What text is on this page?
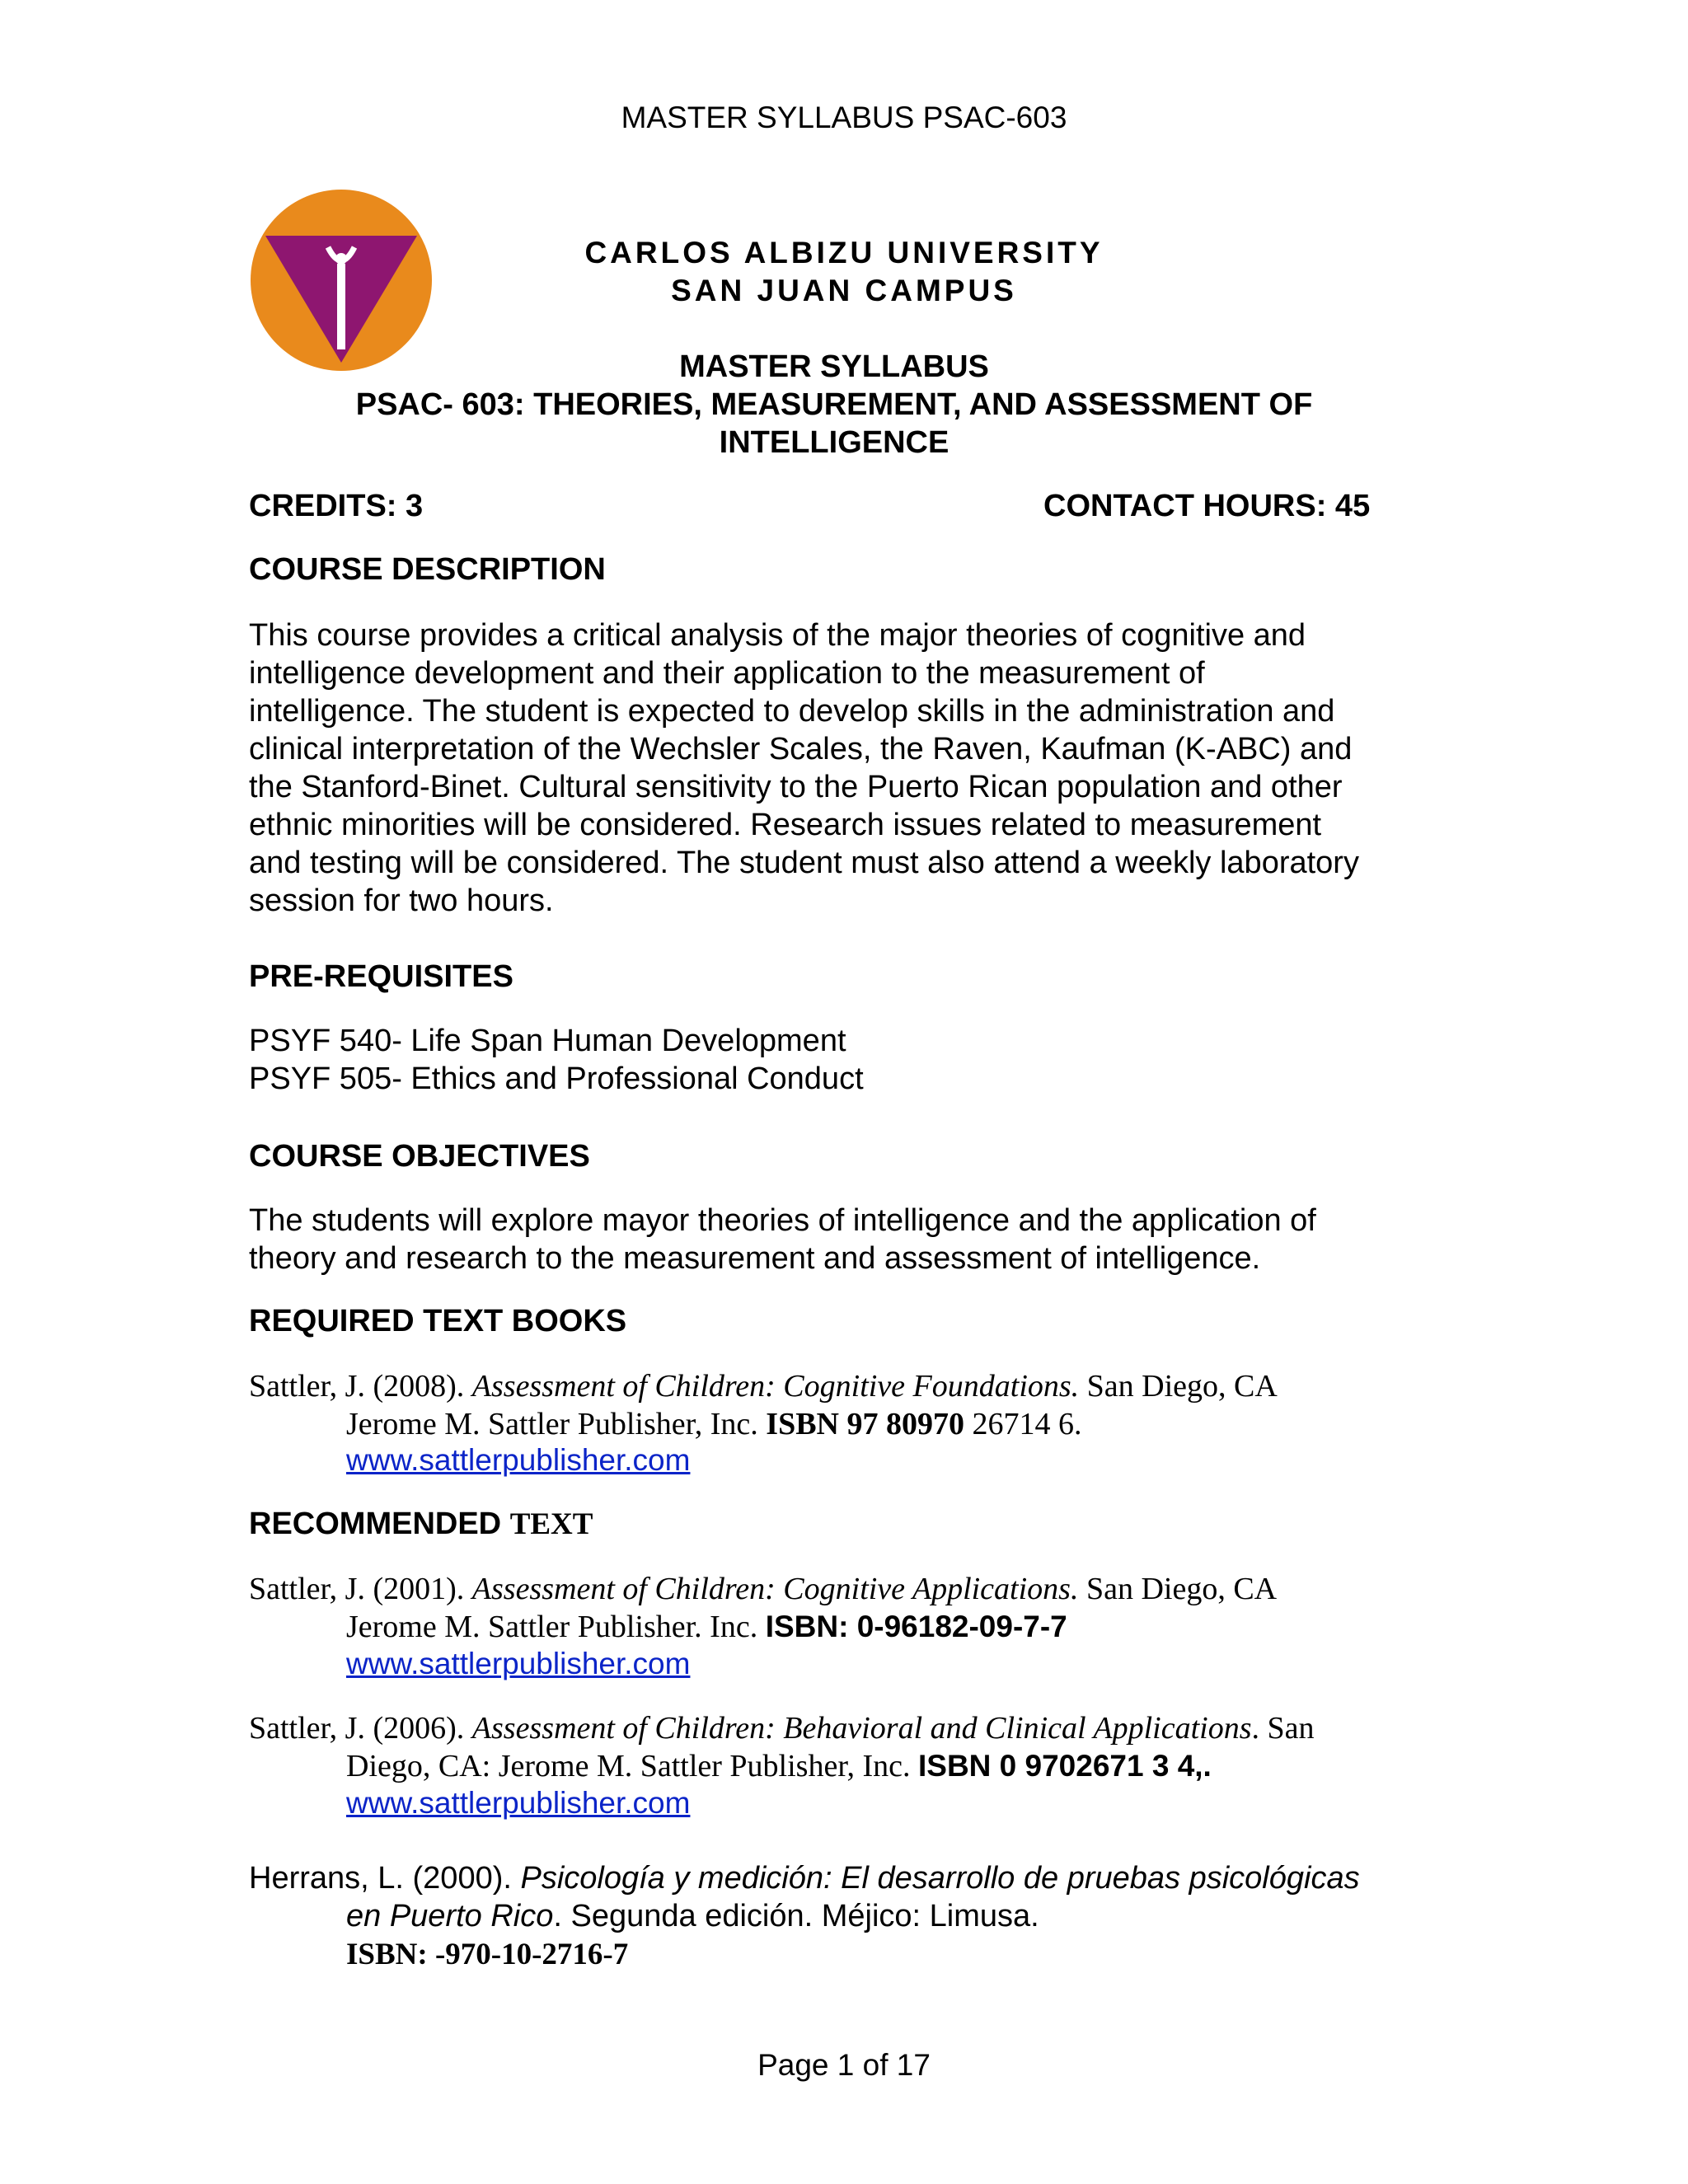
MASTER SYLLABUS PSAC-603
CARLOS ALBIZU UNIVERSITY
SAN JUAN CAMPUS
MASTER SYLLABUS
PSAC- 603: THEORIES, MEASUREMENT, AND ASSESSMENT OF
INTELLIGENCE
CREDITS: 3	CONTACT HOURS: 45
COURSE DESCRIPTION
This course provides a critical analysis of the major theories of cognitive and
intelligence development and their application to the measurement of
intelligence. The student is expected to develop skills in the administration and
clinical interpretation of the Wechsler Scales, the Raven, Kaufman (K-ABC) and
the Stanford-Binet. Cultural sensitivity to the Puerto Rican population and other
ethnic minorities will be considered. Research issues related to measurement
and testing will be considered. The student must also attend a weekly laboratory
session for two hours.
PRE-REQUISITES
PSYF 540- Life Span Human Development
PSYF 505- Ethics and Professional Conduct
COURSE OBJECTIVES
The students will explore mayor theories of intelligence and the application of
theory and research to the measurement and assessment of intelligence.
REQUIRED TEXT BOOKS
Sattler, J. (2008). Assessment of Children: Cognitive Foundations. San Diego, CA
Jerome M. Sattler Publisher, Inc. ISBN 97 80970 26714 6.
www.sattlerpublisher.com
RECOMMENDED TEXT
Sattler, J. (2001). Assessment of Children: Cognitive Applications. San Diego, CA
Jerome M. Sattler Publisher. Inc. ISBN: 0-96182-09-7-7
www.sattlerpublisher.com
Sattler, J. (2006). Assessment of Children: Behavioral and Clinical Applications. San
Diego, CA: Jerome M. Sattler Publisher, Inc. ISBN 0 9702671 3 4,.
www.sattlerpublisher.com
Herrans, L. (2000). Psicología y medición: El desarrollo de pruebas psicológicas
en Puerto Rico. Segunda edición. Méjico: Limusa.
ISBN: -970-10-2716-7
Page 1 of 17
